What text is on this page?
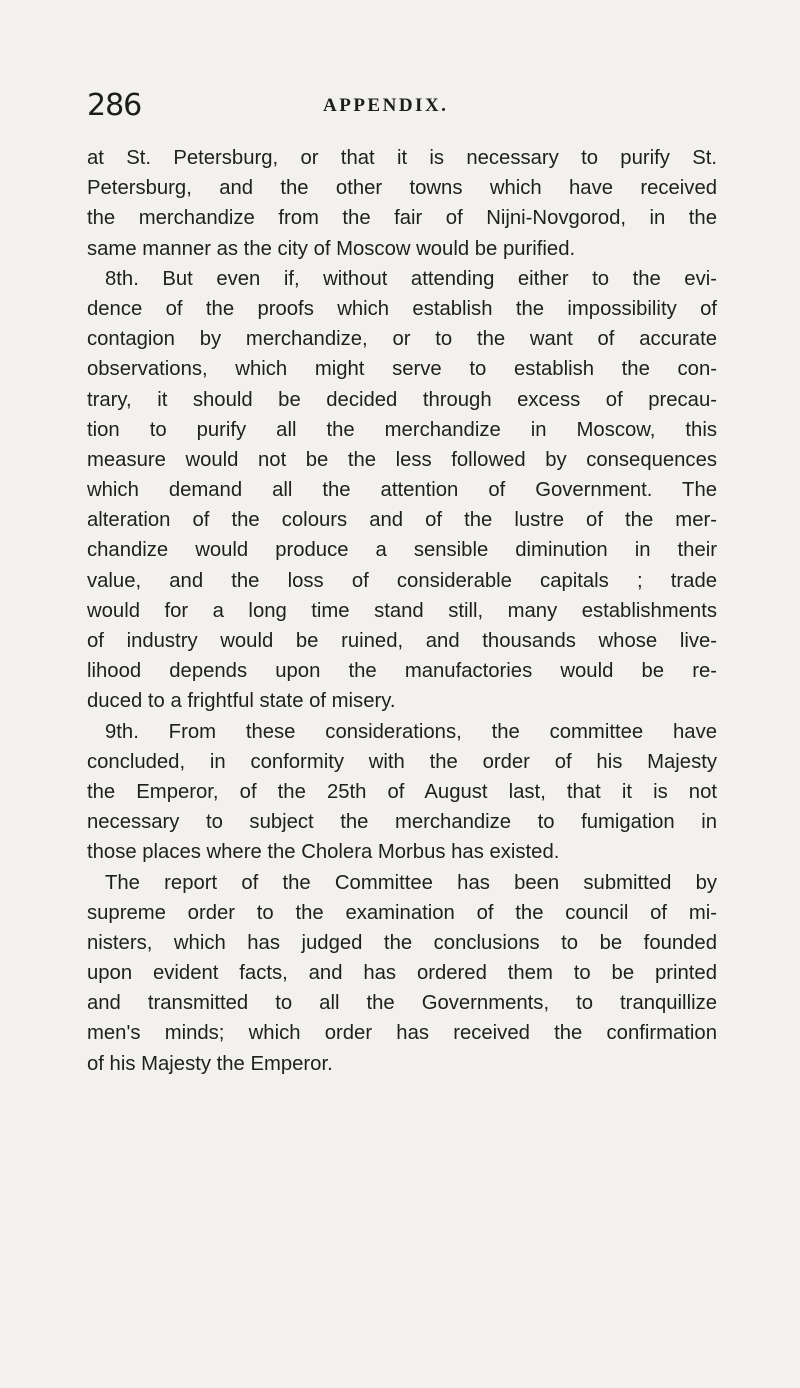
286	APPENDIX.
at St. Petersburg, or that it is necessary to purify St.
Petersburg, and the other towns which have received
the merchandize from the fair of Nijni-Novgorod, in the
same manner as the city of Moscow would be purified.
8th. But even if, without attending either to the evi-
dence of the proofs which establish the impossibility of
contagion by merchandize, or to the want of accurate
observations, which might serve to establish the con-
trary, it should be decided through excess of precau-
tion to purify all the merchandize in Moscow, this
measure would not be the less followed by consequences
which demand all the attention of Government. The
alteration of the colours and of the lustre of the mer-
chandize would produce a sensible diminution in their
value, and the loss of considerable capitals ; trade
would for a long time stand still, many establishments
of industry would be ruined, and thousands whose live-
lihood depends upon the manufactories would be re-
duced to a frightful state of misery.
9th. From these considerations, the committee have
concluded, in conformity with the order of his Majesty
the Emperor, of the 25th of August last, that it is not
necessary to subject the merchandize to fumigation in
those places where the Cholera Morbus has existed.
The report of the Committee has been submitted by
supreme order to the examination of the council of mi-
nisters, which has judged the conclusions to be founded
upon evident facts, and has ordered them to be printed
and transmitted to all the Governments, to tranquillize
men's minds; which order has received the confirmation
of his Majesty the Emperor.
